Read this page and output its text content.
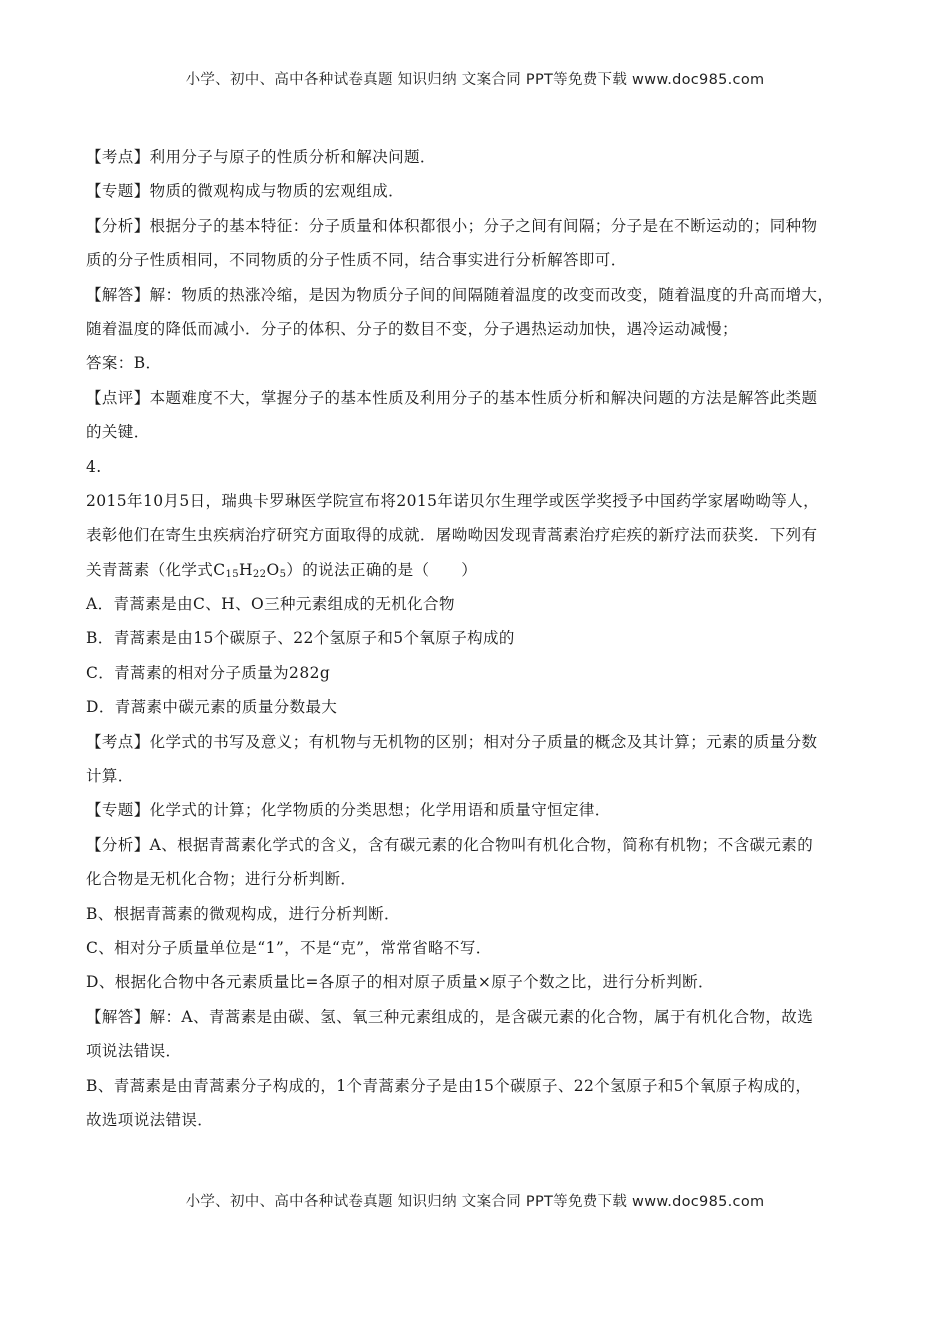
小学、初中、高中各种试卷真题 知识归纳 文案合同 PPT等免费下载 www.doc985.com
【考点】利用分子与原子的性质分析和解决问题．
【专题】物质的微观构成与物质的宏观组成．
【分析】根据分子的基本特征：分子质量和体积都很小；分子之间有间隔；分子是在不断运动的；同种物
质的分子性质相同，不同物质的分子性质不同，结合事实进行分析解答即可．
【解答】解：物质的热涨冷缩，是因为物质分子间的间隔随着温度的改变而改变，随着温度的升高而增大，
随着温度的降低而减小．分子的体积、分子的数目不变，分子遇热运动加快，遇冷运动减慢；
答案：B．
【点评】本题难度不大，掌握分子的基本性质及利用分子的基本性质分析和解决问题的方法是解答此类题
的关键．
4.
2015年10月5日，瑞典卡罗琳医学院宣布将2015年诺贝尔生理学或医学奖授予中国药学家屠呦呦等人，
表彰他们在寄生虫疾病治疗研究方面取得的成就．屠呦呦因发现青蒿素治疗疟疾的新疗法而获奖．下列有
关青蒿素（化学式$C_{15}H_{22}O_5$）的说法正确的是（　　）
A．青蒿素是由C、H、O三种元素组成的无机化合物
B．青蒿素是由15个碳原子、22个氢原子和5个氧原子构成的
C．青蒿素的相对分子质量为282g
D．青蒿素中碳元素的质量分数最大
【考点】化学式的书写及意义；有机物与无机物的区别；相对分子质量的概念及其计算；元素的质量分数
计算．
【专题】化学式的计算；化学物质的分类思想；化学用语和质量守恒定律．
【分析】A、根据青蒿素化学式的含义，含有碳元素的化合物叫有机化合物，简称有机物；不含碳元素的
化合物是无机化合物；进行分析判断．
B、根据青蒿素的微观构成，进行分析判断．
C、相对分子质量单位是“1”，不是“克”，常常省略不写．
D、根据化合物中各元素质量比=各原子的相对原子质量×原子个数之比，进行分析判断．
【解答】解：A、青蒿素是由碳、氢、氧三种元素组成的，是含碳元素的化合物，属于有机化合物，故选
项说法错误．
B、青蒿素是由青蒿素分子构成的，1个青蒿素分子是由15个碳原子、22个氢原子和5个氧原子构成的，
故选项说法错误．
小学、初中、高中各种试卷真题 知识归纳 文案合同 PPT等免费下载 www.doc985.com
